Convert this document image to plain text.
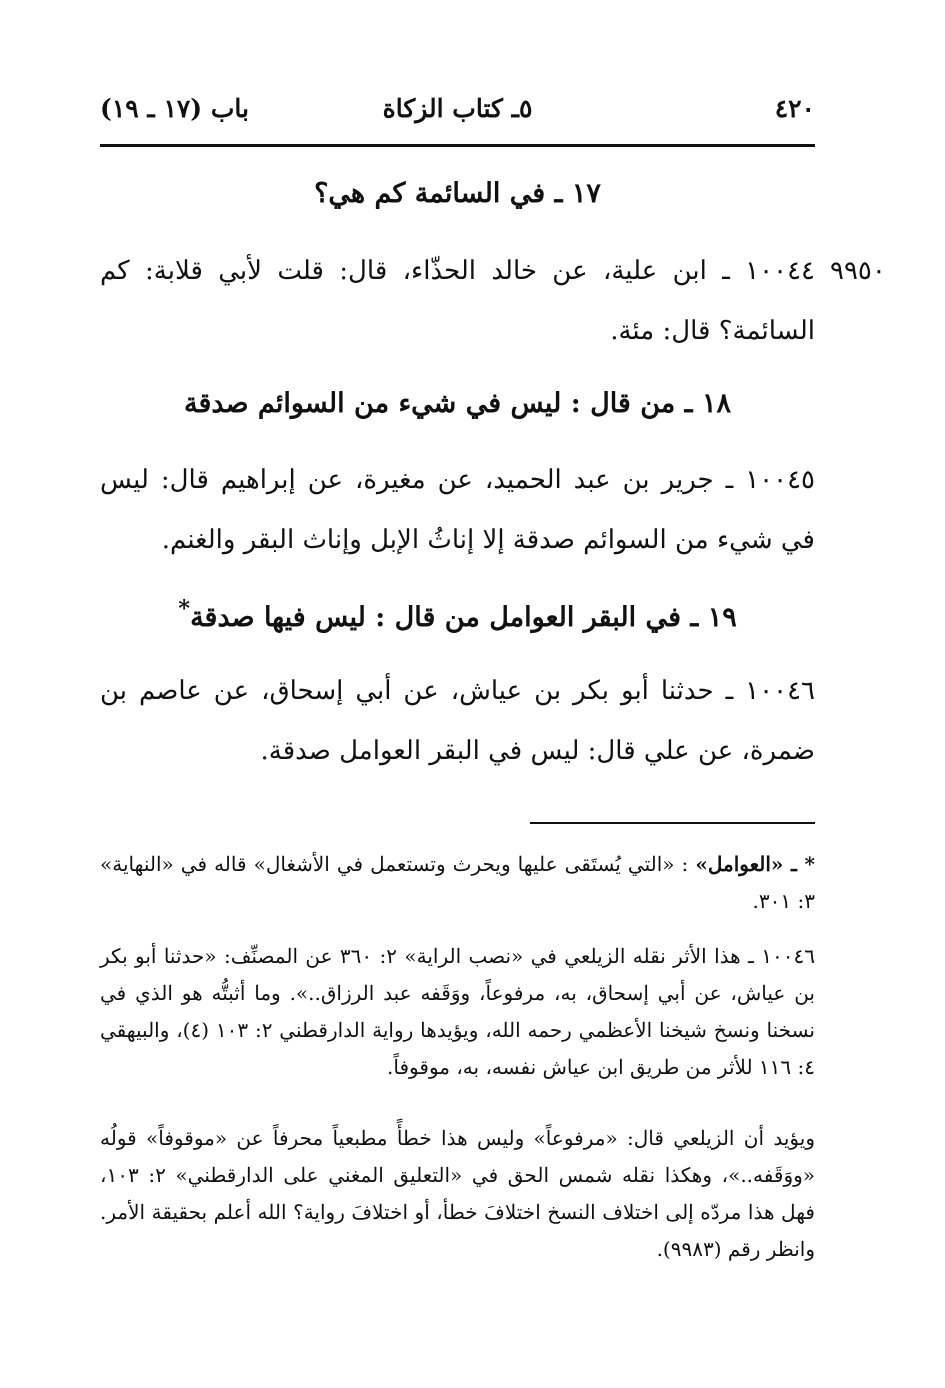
٤٢٠
٥ـ كتاب الزكاة
باب (١٧ ـ ١٩)
١٧ ـ في السائمة كم هي؟
٩٩٥٠
١٠٠٤٤ ـ ابن علية، عن خالد الحذّاء، قال: قلت لأبي قلابة: كم السائمة؟ قال: مئة.
١٨ ـ من قال : ليس في شيء من السوائم صدقة
١٠٠٤٥ ـ جرير بن عبد الحميد، عن مغيرة، عن إبراهيم قال: ليس في شيء من السوائم صدقة إلا إناثُ الإبل وإناث البقر والغنم.
١٩ ـ في البقر العوامل من قال : ليس فيها صدقة*
١٠٠٤٦ ـ حدثنا أبو بكر بن عياش، عن أبي إسحاق، عن عاصم بن ضمرة، عن علي قال: ليس في البقر العوامل صدقة.
* ـ «العوامل» : «التي يُستَقى عليها ويحرث وتستعمل في الأشغال» قاله في «النهاية» ٣: ٣٠١.
١٠٠٤٦ ـ هذا الأثر نقله الزيلعي في «نصب الراية» ٢: ٣٦٠ عن المصنِّف: «حدثنا أبو بكر بن عياش، عن أبي إسحاق، به، مرفوعاً، ووَقَفه عبد الرزاق..». وما أثبتُّه هو الذي في نسخنا ونسخ شيخنا الأعظمي رحمه الله، ويؤيدها رواية الدارقطني ٢: ١٠٣ (٤)، والبيهقي ٤: ١١٦ للأثر من طريق ابن عياش نفسه، به، موقوفاً.
ويؤيد أن الزيلعي قال: «مرفوعاً» وليس هذا خطأً مطبعياً محرفاً عن «موقوفاً» قولُه «ووَقَفه..»، وهكذا نقله شمس الحق في «التعليق المغني على الدارقطني» ٢: ١٠٣، فهل هذا مردّه إلى اختلاف النسخ اختلافَ خطأ، أو اختلافَ رواية؟ الله أعلم بحقيقة الأمر. وانظر رقم (٩٩٨٣).
